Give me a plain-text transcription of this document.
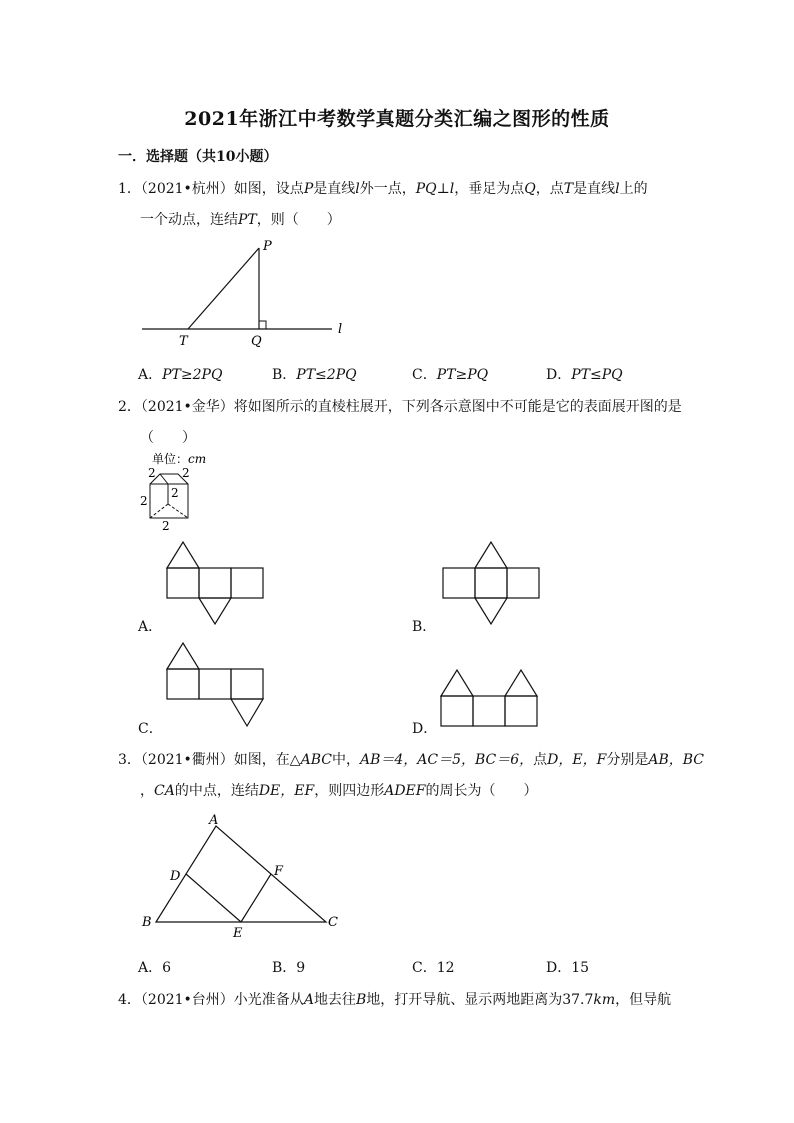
2021年浙江中考数学真题分类汇编之图形的性质
一．选择题（共10小题）
1．（2021•杭州）如图，设点P是直线l外一点，PQ⊥l，垂足为点Q，点T是直线l上的
一个动点，连结PT，则（　　）
P
T	Q
l
A．PT≥2PQ	B．PT≤2PQ	C．PT≥PQ	D．PT≤PQ
2．（2021•金华）将如图所示的直棱柱展开，下列各示意图中不可能是它的表面展开图的是
（　　）
单位：cm
2 2
2
2
2
A．	B．
C．	D．
3．（2021•衢州）如图，在△ABC中，AB＝4，AC＝5，BC＝6，点D，E，F分别是AB，BC
，CA的中点，连结DE，EF，则四边形ADEF的周长为（　　）
A
B	C
D
E
F
A．6	B．9	C．12	D．15
4．（2021•台州）小光准备从A地去往B地，打开导航、显示两地距离为37.7km，但导航
